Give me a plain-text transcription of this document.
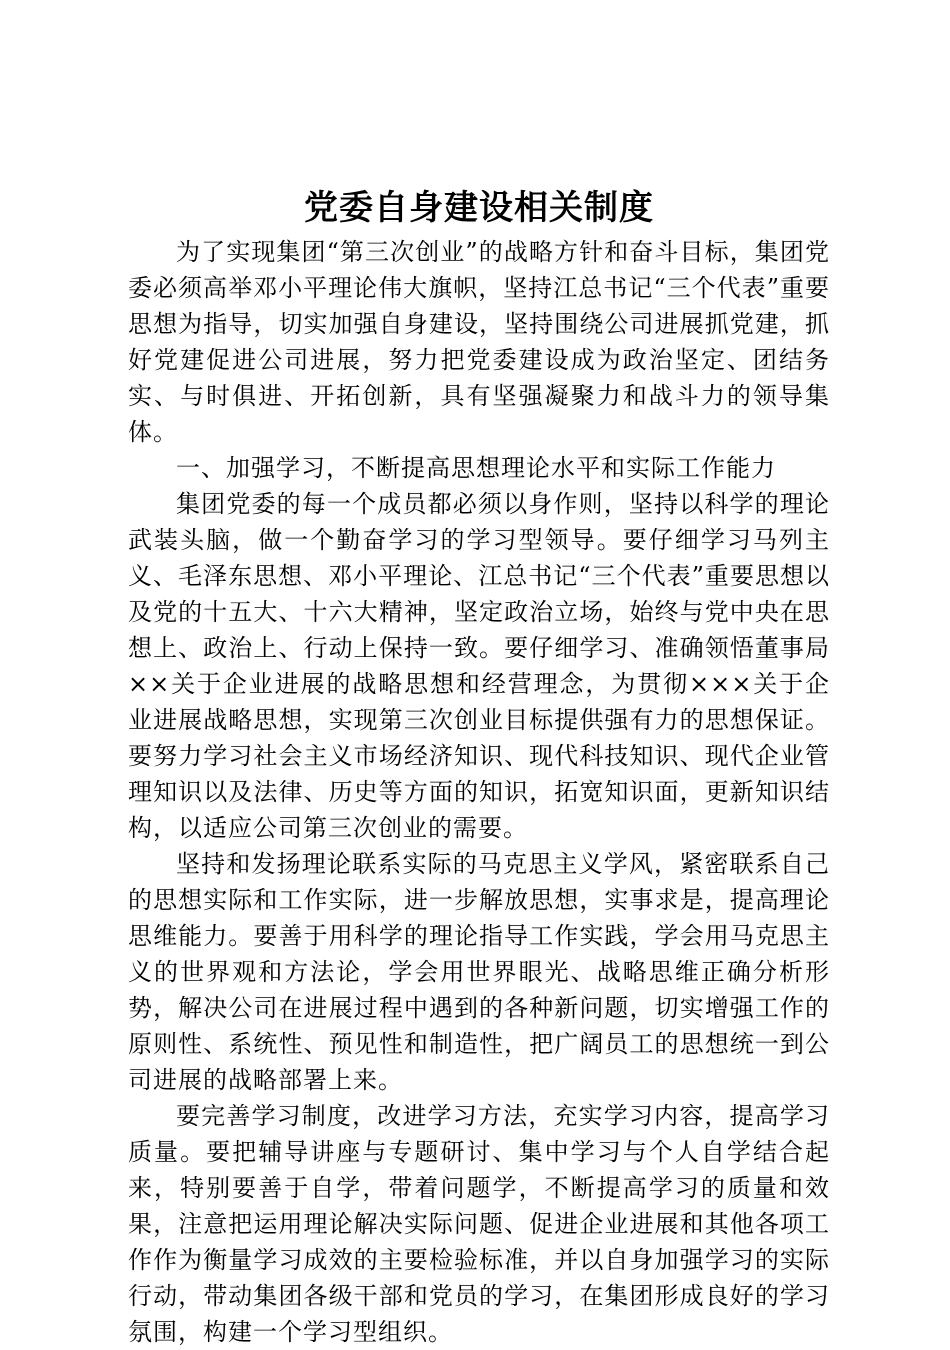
党委自身建设相关制度

为了实现集团“第三次创业”的战略方针和奋斗目标，集团党委必须高举邓小平理论伟大旗帜，坚持江总书记“三个代表”重要思想为指导，切实加强自身建设，坚持围绕公司进展抓党建，抓好党建促进公司进展，努力把党委建设成为政治坚定、团结务实、与时俱进、开拓创新，具有坚强凝聚力和战斗力的领导集体。

一、加强学习，不断提高思想理论水平和实际工作能力

集团党委的每一个成员都必须以身作则，坚持以科学的理论武装头脑，做一个勤奋学习的学习型领导。要仔细学习马列主义、毛泽东思想、邓小平理论、江总书记“三个代表”重要思想以及党的十五大、十六大精神，坚定政治立场，始终与党中央在思想上、政治上、行动上保持一致。要仔细学习、准确领悟董事局××关于企业进展的战略思想和经营理念，为贯彻×××关于企业进展战略思想，实现第三次创业目标提供强有力的思想保证。要努力学习社会主义市场经济知识、现代科技知识、现代企业管理知识以及法律、历史等方面的知识，拓宽知识面，更新知识结构，以适应公司第三次创业的需要。

坚持和发扬理论联系实际的马克思主义学风，紧密联系自己的思想实际和工作实际，进一步解放思想，实事求是，提高理论思维能力。要善于用科学的理论指导工作实践，学会用马克思主义的世界观和方法论，学会用世界眼光、战略思维正确分析形势，解决公司在进展过程中遇到的各种新问题，切实增强工作的原则性、系统性、预见性和制造性，把广阔员工的思想统一到公司进展的战略部署上来。

要完善学习制度，改进学习方法，充实学习内容，提高学习质量。要把辅导讲座与专题研讨、集中学习与个人自学结合起来，特别要善于自学，带着问题学，不断提高学习的质量和效果，注意把运用理论解决实际问题、促进企业进展和其他各项工作作为衡量学习成效的主要检验标准，并以自身加强学习的实际行动，带动集团各级干部和党员的学习，在集团形成良好的学习氛围，构建一个学习型组织。
